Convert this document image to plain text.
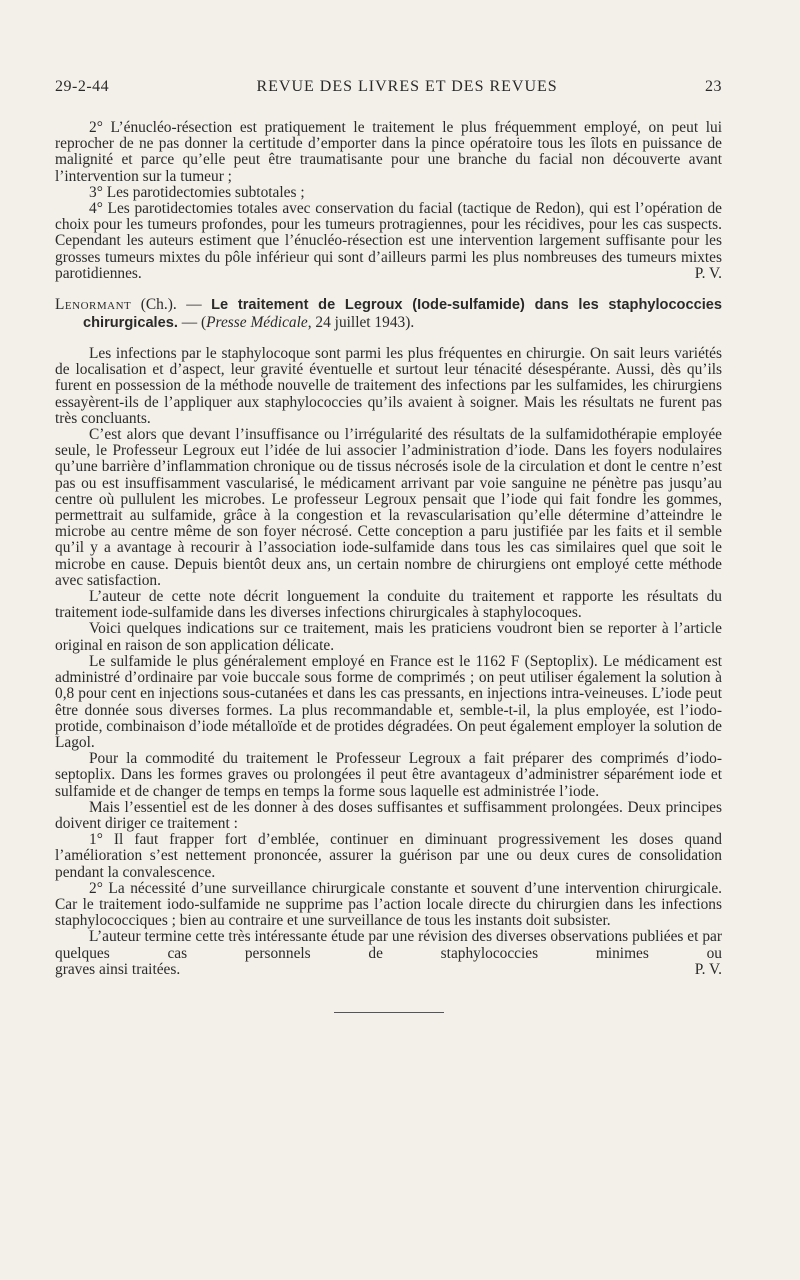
29-2-44	REVUE DES LIVRES ET DES REVUES	23

2° L’énucléo-résection est pratiquement le traitement le plus fréquemment employé, on peut lui reprocher de ne pas donner la certitude d’emporter dans la pince opératoire tous les îlots en puissance de malignité et parce qu’elle peut être traumatisante pour une branche du facial non découverte avant l’intervention sur la tumeur ;

3° Les parotidectomies subtotales ;

4° Les parotidectomies totales avec conservation du facial (tactique de Redon), qui est l’opération de choix pour les tumeurs profondes, pour les tumeurs protragiennes, pour les récidives, pour les cas suspects. Cependant les auteurs estiment que l’énucléo-résection est une intervention largement suffisante pour les grosses tumeurs mixtes du pôle inférieur qui sont d’ailleurs parmi les plus nombreuses des tumeurs mixtes

parotidiennes.	P. V.
Lenormant (Ch.). — Le traitement de Legroux (Iode-sulfamide) dans les staphylococcies chirurgicales. — (Presse Médicale, 24 juillet 1943).

Les infections par le staphylocoque sont parmi les plus fréquentes en chirurgie. On sait leurs variétés de localisation et d’aspect, leur gravité éventuelle et surtout leur ténacité désespérante. Aussi, dès qu’ils furent en possession de la méthode nouvelle de traitement des infections par les sulfamides, les chirurgiens essayèrent-ils de l’appliquer aux staphylococcies qu’ils avaient à soigner. Mais les résultats ne furent pas très concluants.

C’est alors que devant l’insuffisance ou l’irrégularité des résultats de la sulfamidothérapie employée seule, le Professeur Legroux eut l’idée de lui associer l’administration d’iode. Dans les foyers nodulaires qu’une barrière d’inflammation chronique ou de tissus nécrosés isole de la circulation et dont le centre n’est pas ou est insuffisamment vascularisé, le médicament arrivant par voie sanguine ne pénètre pas jusqu’au centre où pullulent les microbes. Le professeur Legroux pensait que l’iode qui fait fondre les gommes, permettrait au sulfamide, grâce à la congestion et la revascularisation qu’elle détermine d’atteindre le microbe au centre même de son foyer nécrosé. Cette conception a paru justifiée par les faits et il semble qu’il y a avantage à recourir à l’association iode-sulfamide dans tous les cas similaires quel que soit le microbe en cause. Depuis bientôt deux ans, un certain nombre de chirurgiens ont employé cette méthode avec satisfaction.

L’auteur de cette note décrit longuement la conduite du traitement et rapporte les résultats du traitement iode-sulfamide dans les diverses infections chirurgicales à staphylocoques.

Voici quelques indications sur ce traitement, mais les praticiens voudront bien se reporter à l’article original en raison de son application délicate.

Le sulfamide le plus généralement employé en France est le 1162 F (Septoplix). Le médicament est administré d’ordinaire par voie buccale sous forme de comprimés ; on peut utiliser également la solution à 0,8 pour cent en injections sous-cutanées et dans les cas pressants, en injections intra-veineuses. L’iode peut être donnée sous diverses formes. La plus recommandable et, semble-t-il, la plus employée, est l’iodo-protide, combinaison d’iode métalloïde et de protides dégradées. On peut également employer la solution de Lagol.

Pour la commodité du traitement le Professeur Legroux a fait préparer des comprimés d’iodo-septoplix. Dans les formes graves ou prolongées il peut être avantageux d’administrer séparément iode et sulfamide et de changer de temps en temps la forme sous laquelle est administrée l’iode.

Mais l’essentiel est de les donner à des doses suffisantes et suffisamment prolongées. Deux principes doivent diriger ce traitement :

1° Il faut frapper fort d’emblée, continuer en diminuant progressivement les doses quand l’amélioration s’est nettement prononcée, assurer la guérison par une ou deux cures de consolidation pendant la convalescence.

2° La nécessité d’une surveillance chirurgicale constante et souvent d’une intervention chirurgicale. Car le traitement iodo-sulfamide ne supprime pas l’action locale directe du chirurgien dans les infections staphylococciques ; bien au contraire et une surveillance de tous les instants doit subsister.

L’auteur termine cette très intéressante étude par une révision des diverses observations publiées et par quelques cas personnels de staphylococcies minimes ou

graves ainsi traitées.	P. V.
